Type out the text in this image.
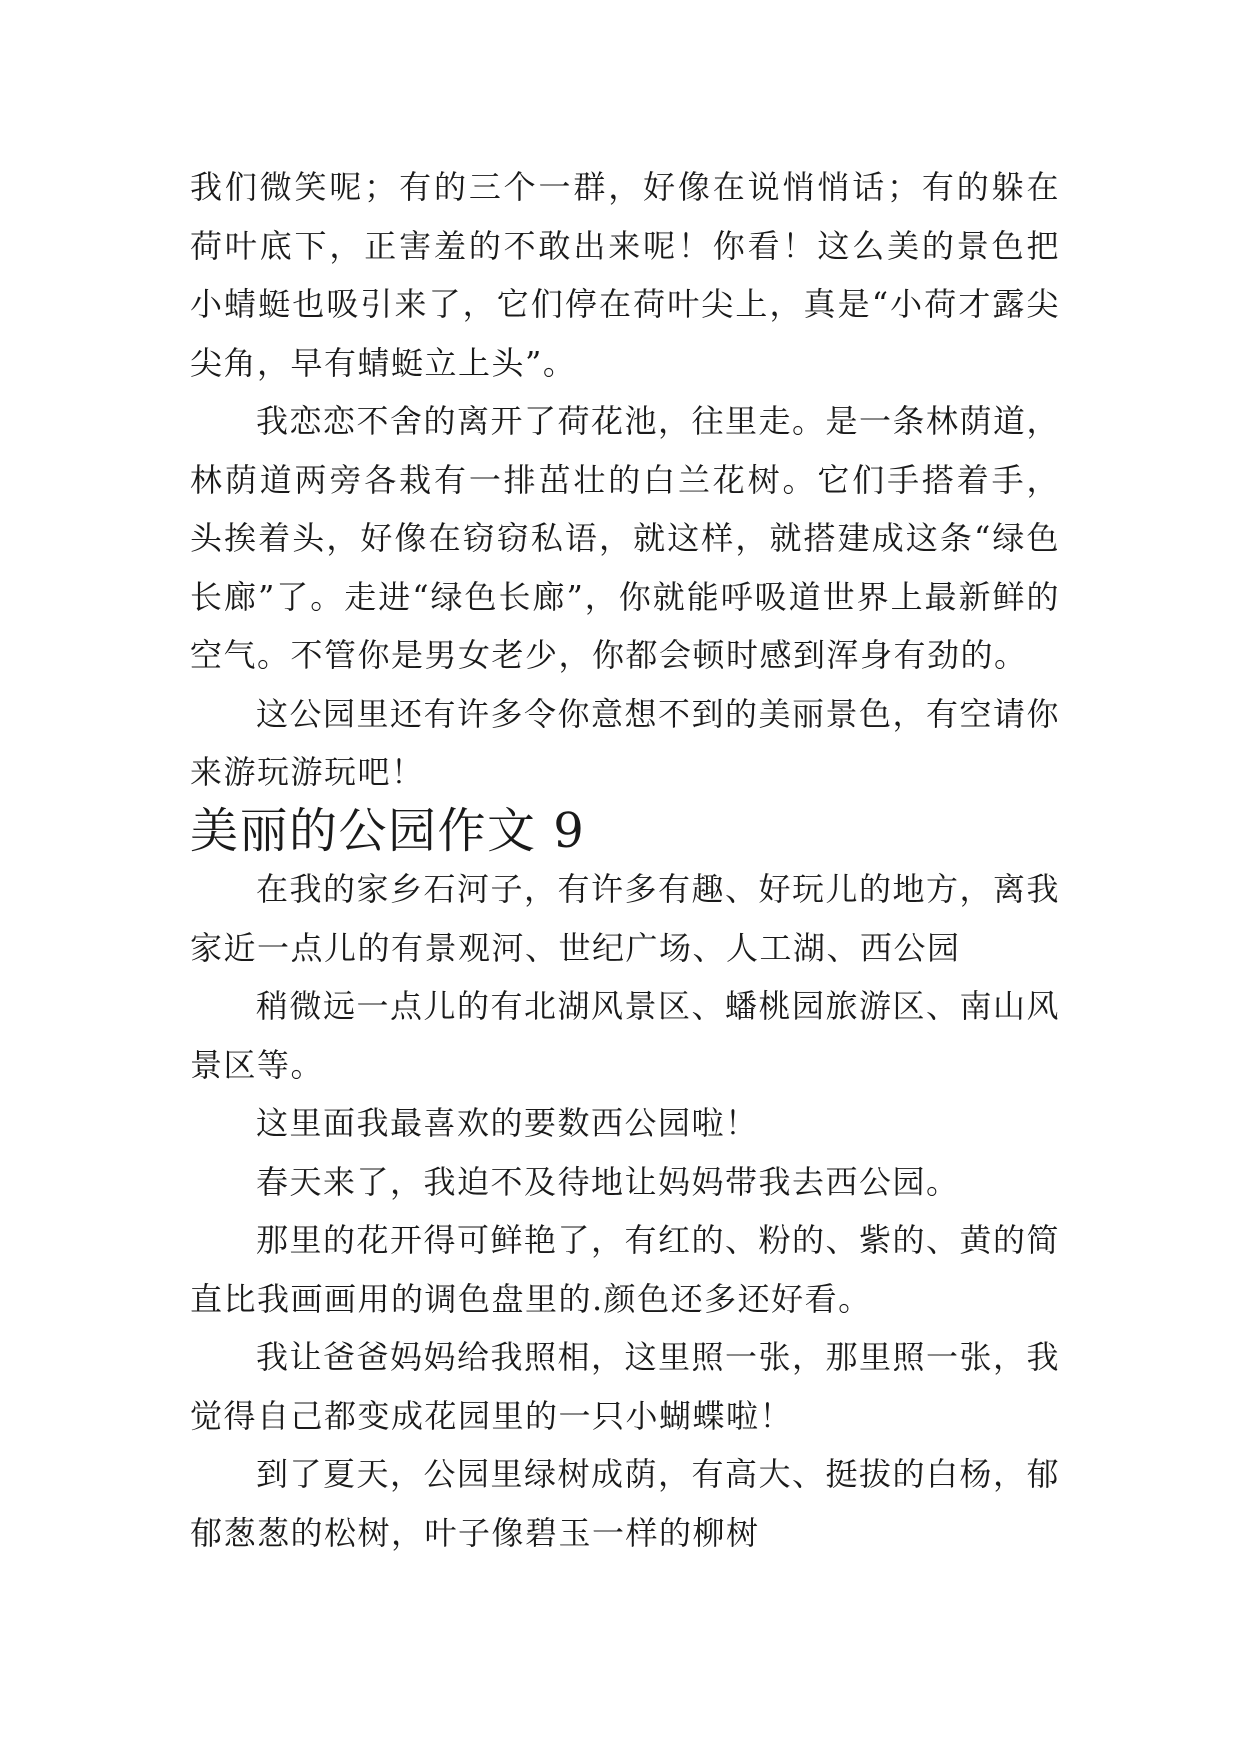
我们微笑呢；有的三个一群，好像在说悄悄话；有的躲在荷叶底下，正害羞的不敢出来呢！你看！这么美的景色把小蜻蜓也吸引来了，它们停在荷叶尖上，真是“小荷才露尖尖角，早有蜻蜓立上头”。

我恋恋不舍的离开了荷花池，往里走。是一条林荫道，林荫道两旁各栽有一排茁壮的白兰花树。它们手搭着手，头挨着头，好像在窃窃私语，就这样，就搭建成这条“绿色长廊”了。走进“绿色长廊”，你就能呼吸道世界上最新鲜的空气。不管你是男女老少，你都会顿时感到浑身有劲的。

这公园里还有许多令你意想不到的美丽景色，有空请你来游玩游玩吧！

美丽的公园作文 9

在我的家乡石河子，有许多有趣、好玩儿的地方，离我家近一点儿的有景观河、世纪广场、人工湖、西公园

稍微远一点儿的有北湖风景区、蟠桃园旅游区、南山风景区等。

这里面我最喜欢的要数西公园啦！

春天来了，我迫不及待地让妈妈带我去西公园。

那里的花开得可鲜艳了，有红的、粉的、紫的、黄的简直比我画画用的调色盘里的.颜色还多还好看。

我让爸爸妈妈给我照相，这里照一张，那里照一张，我觉得自己都变成花园里的一只小蝴蝶啦！

到了夏天，公园里绿树成荫，有高大、挺拔的白杨，郁郁葱葱的松树，叶子像碧玉一样的柳树
